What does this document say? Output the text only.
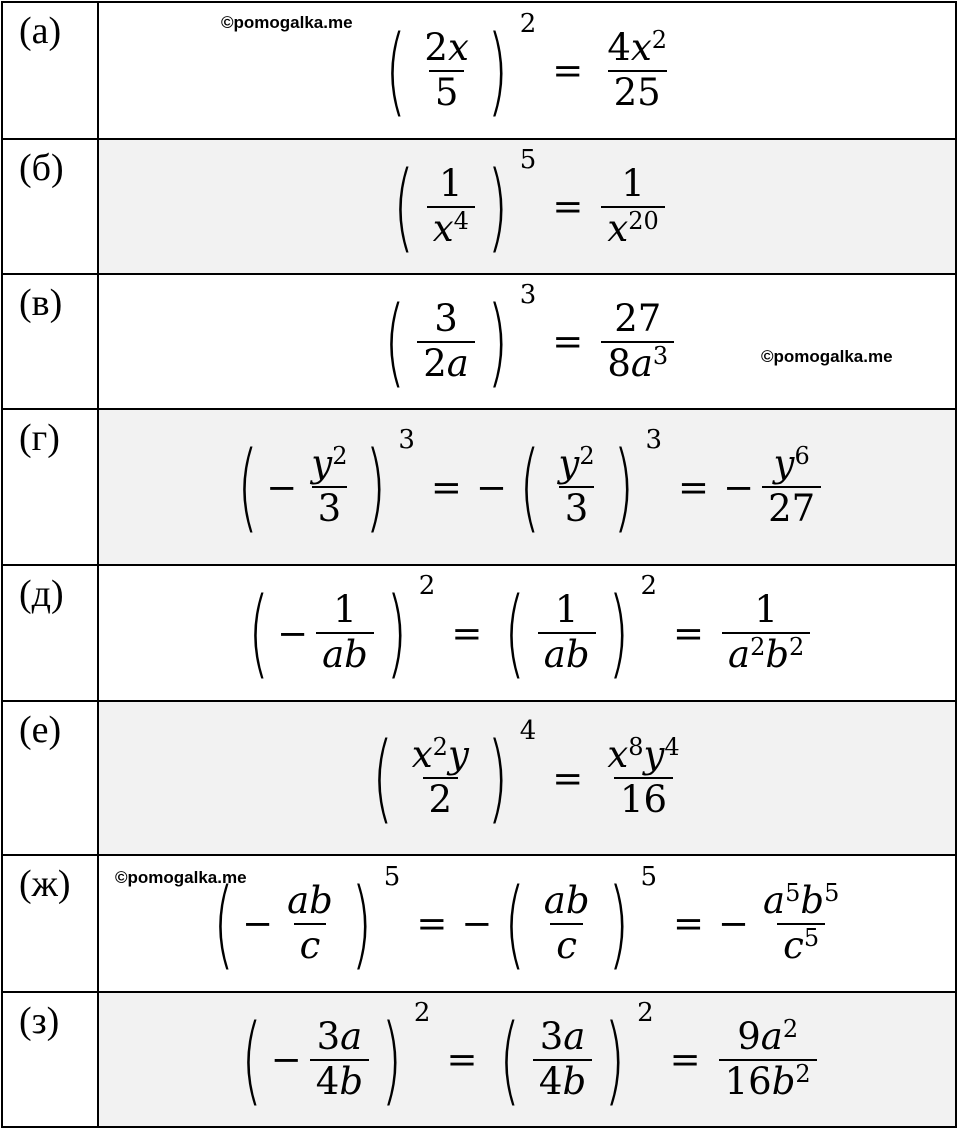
(а)	©pomogalka.me ( $\frac{2x}{5}$ ) 2
= $\frac{4x^2}{25}$
(б)	( $\frac{1}{x^4}$ ) 5
= $\frac{1}{x^{20}}$
(в)
©pomogalka.me
( $\frac{3}{2a}$ ) 3
= $\frac{27}{8a^3}$
(г) ( − $\frac{y^2}{3}$ ) 3
= − ( $\frac{y^2}{3}$ ) 3
= − $\frac{y^6}{27}$
(д) ( − $\frac{1}{ab}$ ) 2
= ( $\frac{1}{ab}$ ) 2
= $\frac{1}{a^2b^2}$
(е)	( $\frac{x^2y}{2}$ ) 4
= $\frac{x^8y^4}{16}$
(ж)	©pomogalka.me
( − $\frac{ab}{c}$ ) 5
= − ( $\frac{ab}{c}$ ) 5
= − $\frac{a^5b^5}{c^5}$
(з) ( − $\frac{3a}{4b}$ ) 2
= ( $\frac{3a}{4b}$ ) 2
= $\frac{9a^2}{16b^2}$
